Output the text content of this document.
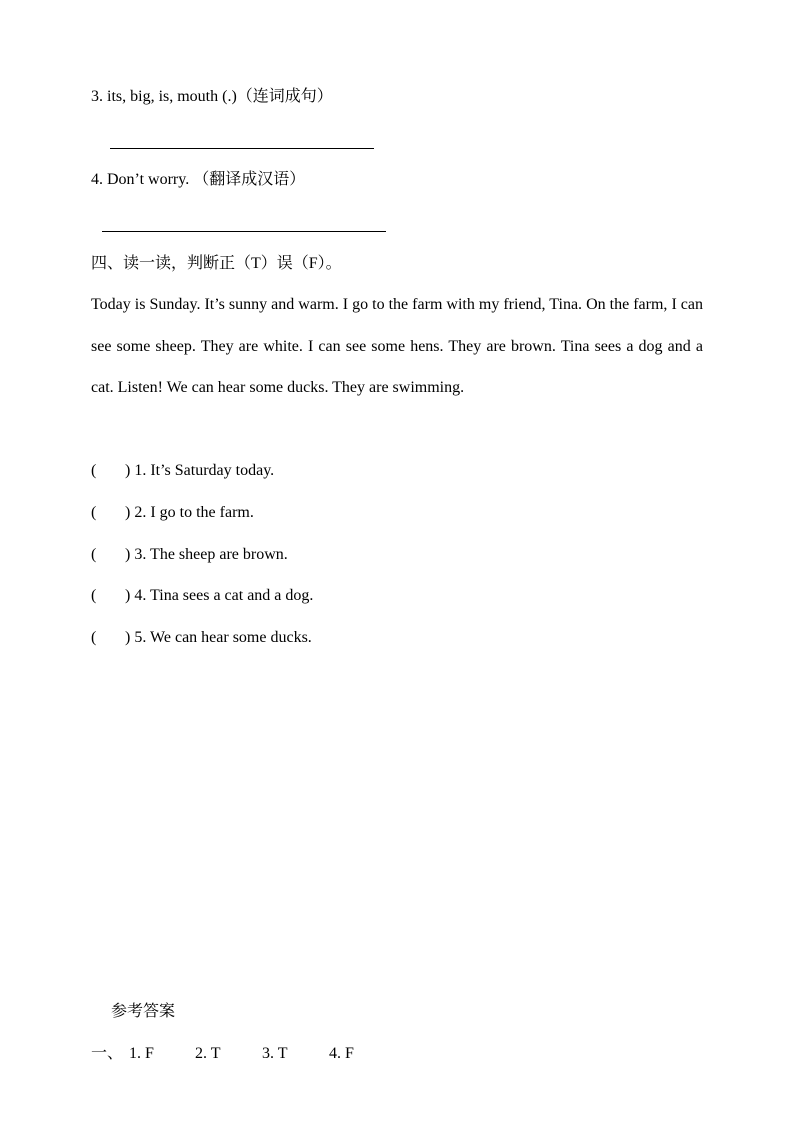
3. its, big, is, mouth (.)（连词成句）
4. Don’t worry. （翻译成汉语）
四、读一读，判断正（T）误（F）。
Today is Sunday. It’s sunny and warm. I go to the farm with my friend, Tina. On the farm, I can see some sheep. They are white. I can see some hens. They are brown. Tina sees a dog and a cat. Listen! We can hear some ducks. They are swimming.
( ) 1. It’s Saturday today.
( ) 2. I go to the farm.
( ) 3. The sheep are brown.
( ) 4. Tina sees a cat and a dog.
( ) 5. We can hear some ducks.
参考答案
一、 1. F	2. T	3. T	4. F
